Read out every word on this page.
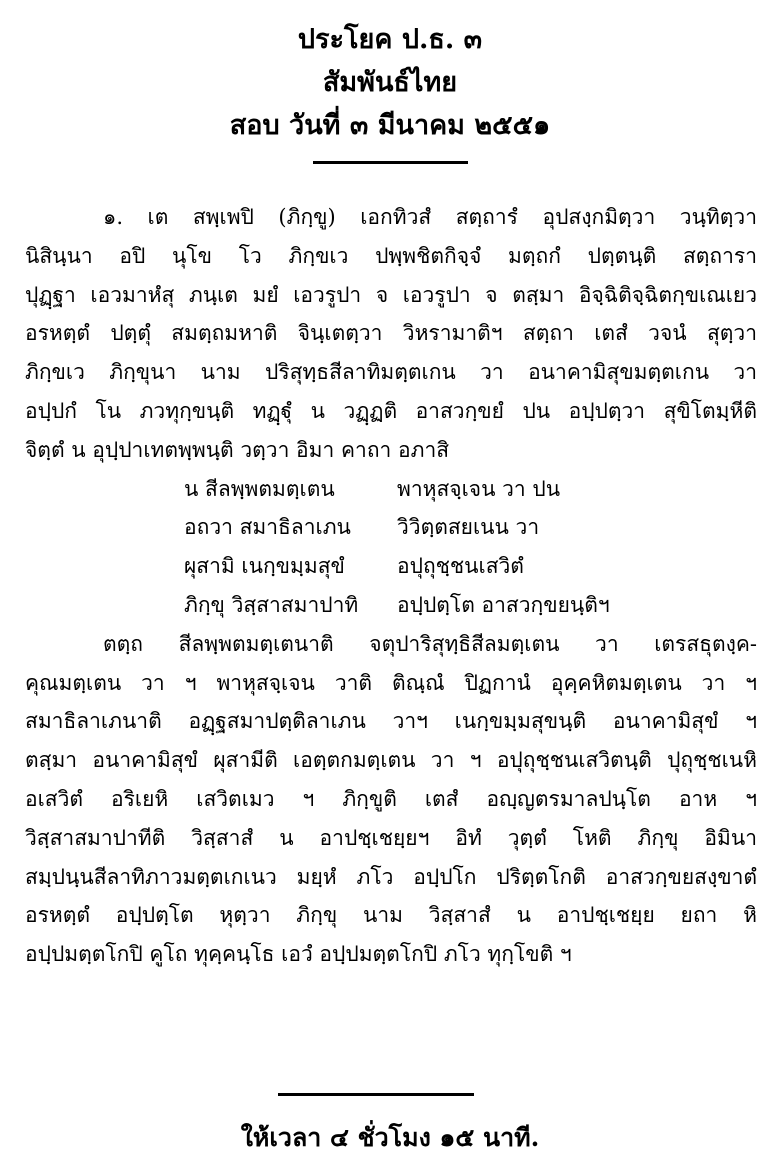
ประโยค ป.ธ. ๓
สัมพันธ์ไทย
สอบ วันที่ ๓ มีนาคม ๒๕๕๑
๑. เต สพฺเพปิ (ภิกฺขู) เอกทิวสํ สตฺถารํ อุปสงฺกมิตฺวา วนฺทิตฺวา
นิสินฺนา อปิ นุโข โว ภิกฺขเว ปพฺพชิตกิจฺจํ มตฺถกํ ปตฺตนฺติ สตฺถารา
ปุฏฺฐา เอวมาหํสุ ภนฺเต มยํ เอวรูปา จ เอวรูปา จ ตสฺมา อิจฺฉิติจฺฉิตกฺขเณเยว
อรหตฺตํ ปตฺตุํ สมตฺถมหาติ จินฺเตตฺวา วิหรามาติฯ สตฺถา เตสํ วจนํ สุตฺวา
ภิกฺขเว ภิกฺขุนา นาม ปริสุทฺธสีลาทิมตฺตเกน วา อนาคามิสุขมตฺตเกน วา
อปฺปกํ โน ภวทุกฺขนฺติ ทฏฺฐุํ น วฏฺฏติ อาสวกฺขยํ ปน อปฺปตฺวา สุขิโตมฺหีติ
จิตฺตํ น อุปฺปาเทตพฺพนฺติ วตฺวา อิมา คาถา อภาสิ
น สีลพฺพตมตฺเตน	พาหุสจฺเจน วา ปน
อถวา สมาธิลาเภน วิวิตฺตสยเนน วา
ผุสามิ เนกฺขมฺมสุขํ อปุถุชฺชนเสวิตํ
ภิกฺขุ วิสฺสาสมาปาทิ อปฺปตฺโต อาสวกฺขยนฺติฯ
ตตฺถ สีลพฺพตมตฺเตนาติ จตุปาริสุทฺธิสีลมตฺเตน วา เตรสธุตงฺค-
คุณมตฺเตน วา ฯ พาหุสจฺเจน วาติ ติณฺณํ ปิฏกานํ อุคฺคหิตมตฺเตน วา ฯ
สมาธิลาเภนาติ อฏฺฐสมาปตฺติลาเภน วาฯ เนกฺขมฺมสุขนฺติ อนาคามิสุขํ ฯ
ตสฺมา อนาคามิสุขํ ผุสามีติ เอตฺตกมตฺเตน วา ฯ อปุถุชฺชนเสวิตนฺติ ปุถุชฺชเนหิ
อเสวิตํ อริเยหิ เสวิตเมว ฯ ภิกฺขูติ เตสํ อญฺญตรมาลปนฺโต อาห ฯ
วิสฺสาสมาปาทีติ วิสฺสาสํ น อาปชฺเชยฺยฯ อิทํ วุตฺตํ โหติ ภิกฺขุ อิมินา
สมฺปนฺนสีลาทิภาวมตฺตเกเนว มยฺหํ ภโว อปฺปโก ปริตฺตโกติ อาสวกฺขยสงฺขาตํ
อรหตฺตํ อปฺปตฺโต หุตฺวา ภิกฺขุ นาม วิสฺสาสํ น อาปชฺเชยฺย ยถา หิ
อปฺปมตฺตโกปิ คูโถ ทุคฺคนฺโธ เอวํ อปฺปมตฺตโกปิ ภโว ทุกฺโขติ ฯ
ให้เวลา ๔ ชั่วโมง ๑๕ นาที.
